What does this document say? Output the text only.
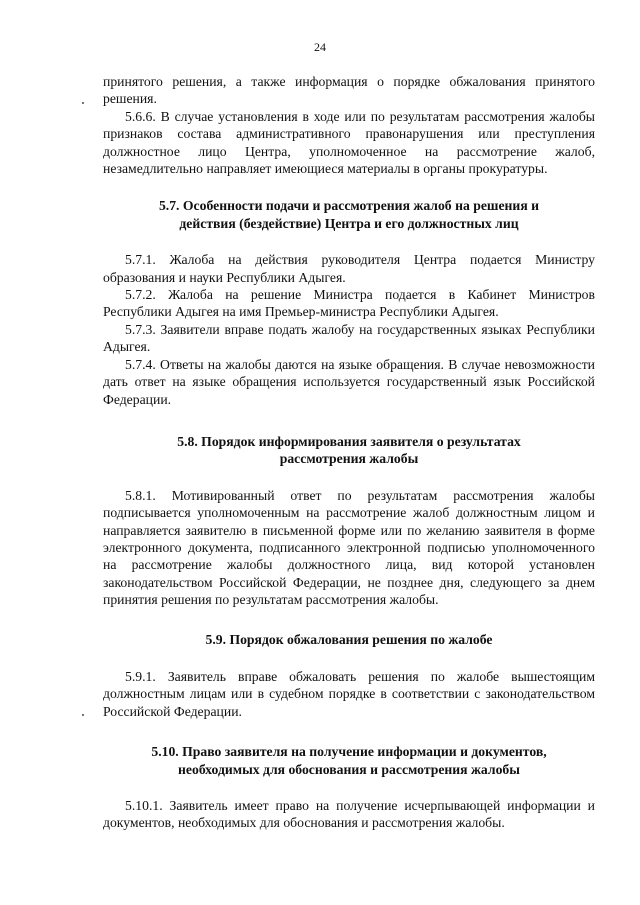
24

принятого решения, а также информация о порядке обжалования принятого решения.

5.6.6. В случае установления в ходе или по результатам рассмотрения жалобы признаков состава административного правонарушения или преступления должностное лицо Центра, уполномоченное на рассмотрение жалоб, незамедлительно направляет имеющиеся материалы в органы прокуратуры.

5.7. Особенности подачи и рассмотрения жалоб на решения и
действия (бездействие) Центра и его должностных лиц

5.7.1. Жалоба на действия руководителя Центра подается Министру образования и науки Республики Адыгея.

5.7.2. Жалоба на решение Министра подается в Кабинет Министров Республики Адыгея на имя Премьер-министра Республики Адыгея.

5.7.3. Заявители вправе подать жалобу на государственных языках Республики Адыгея.

5.7.4. Ответы на жалобы даются на языке обращения. В случае невозможности дать ответ на языке обращения используется государственный язык Российской Федерации.

5.8. Порядок информирования заявителя о результатах
рассмотрения жалобы

5.8.1. Мотивированный ответ по результатам рассмотрения жалобы подписывается уполномоченным на рассмотрение жалоб должностным лицом и направляется заявителю в письменной форме или по желанию заявителя в форме электронного документа, подписанного электронной подписью уполномоченного на рассмотрение жалобы должностного лица, вид которой установлен законодательством Российской Федерации, не позднее дня, следующего за днем принятия решения по результатам рассмотрения жалобы.

5.9. Порядок обжалования решения по жалобе

5.9.1. Заявитель вправе обжаловать решения по жалобе вышестоящим должностным лицам или в судебном порядке в соответствии с законодательством Российской Федерации.

5.10. Право заявителя на получение информации и документов,
необходимых для обоснования и рассмотрения жалобы

5.10.1. Заявитель имеет право на получение исчерпывающей информации и документов, необходимых для обоснования и рассмотрения жалобы.
